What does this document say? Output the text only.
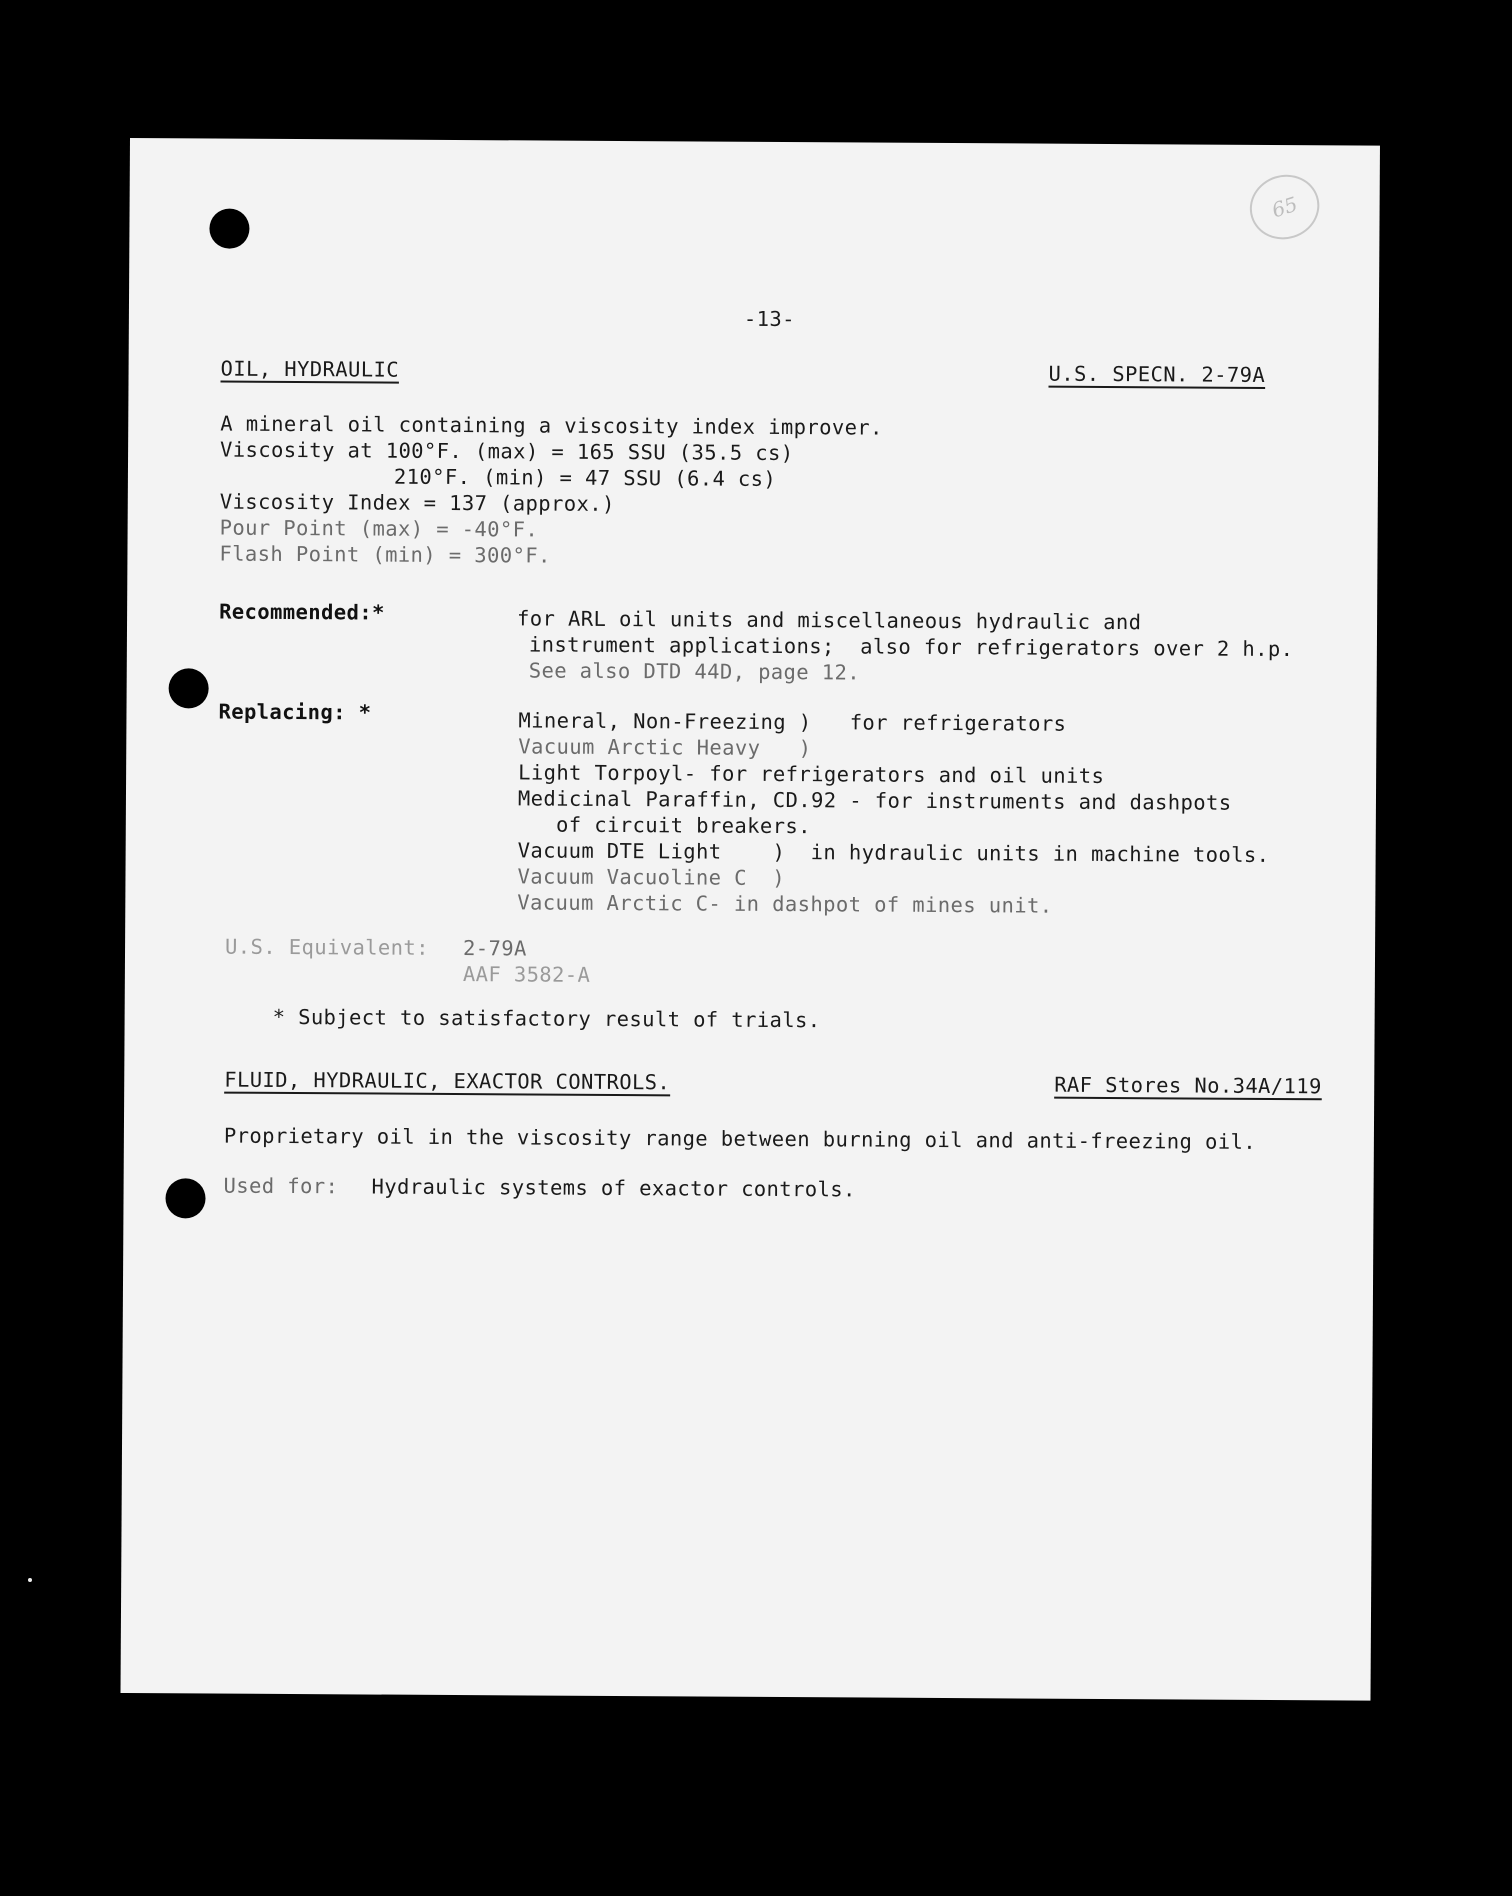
65
-13-
OIL, HYDRAULIC	U.S. SPECN. 2-79A
A mineral oil containing a viscosity index improver.
Viscosity at 100°F. (max) = 165 SSU (35.5 cs)
210°F. (min) = 47 SSU (6.4 cs)
Viscosity Index = 137 (approx.)
Pour Point (max) = -40°F.
Flash Point (min) = 300°F.
Recommended:*	for ARL oil units and miscellaneous hydraulic and
instrument applications;  also for refrigerators over 2 h.p.
See also DTD 44D, page 12.
Replacing: *	Mineral, Non-Freezing )   for refrigerators
Vacuum Arctic Heavy   )
Light Torpoyl- for refrigerators and oil units
Medicinal Paraffin, CD.92 - for instruments and dashpots
of circuit breakers.
Vacuum DTE Light    )  in hydraulic units in machine tools.
Vacuum Vacuoline C  )
Vacuum Arctic C- in dashpot of mines unit.
U.S. Equivalent: 2-79A
AAF 3582-A
* Subject to satisfactory result of trials.
FLUID, HYDRAULIC, EXACTOR CONTROLS.	RAF Stores No.34A/119
Proprietary oil in the viscosity range between burning oil and anti-freezing oil.
Used for: Hydraulic systems of exactor controls.
